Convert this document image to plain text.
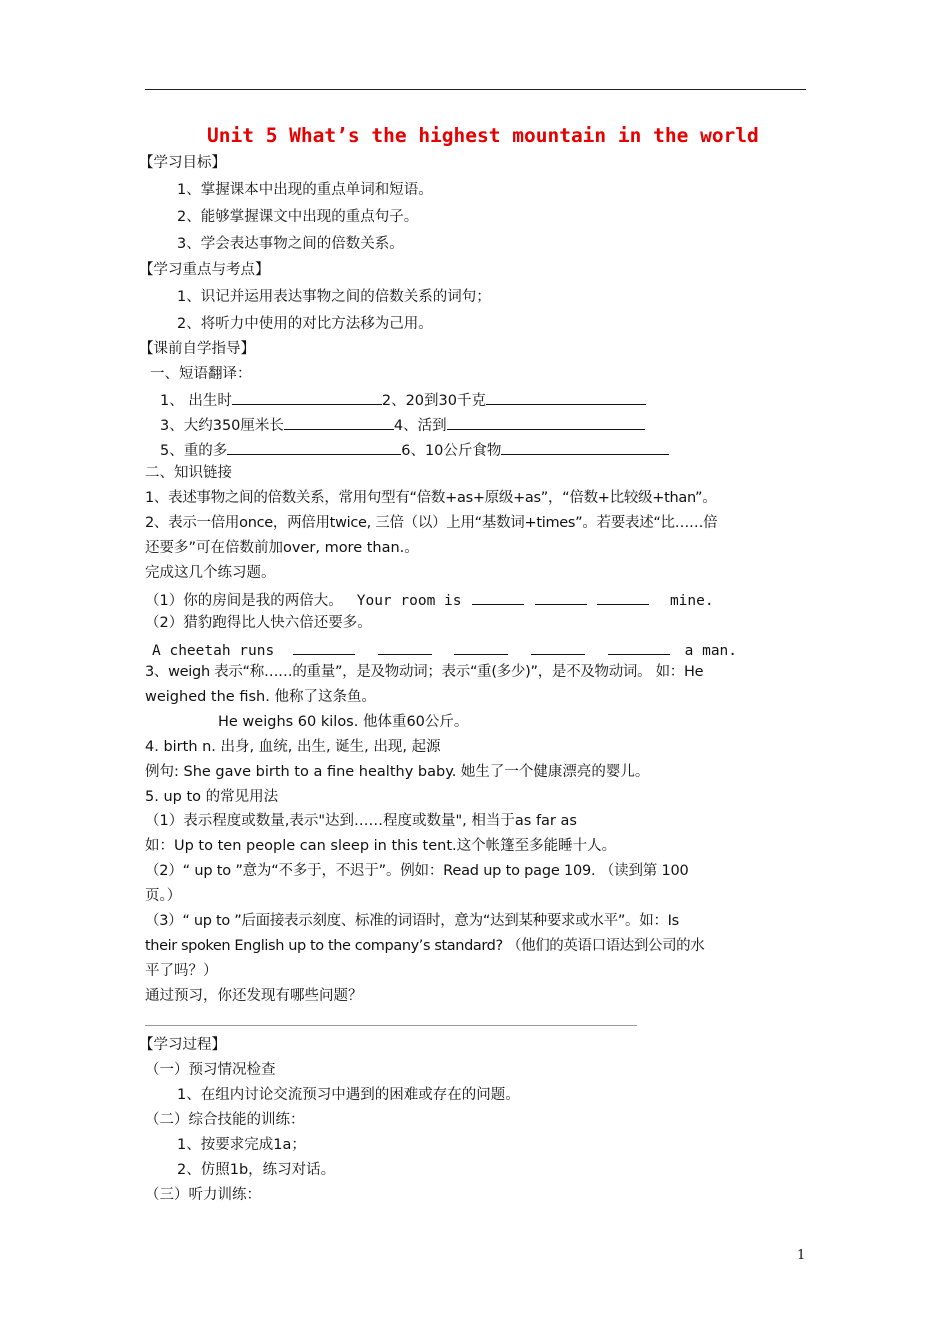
Unit 5 What’s the highest mountain in the world
【学习目标】
1、掌握课本中出现的重点单词和短语。
2、能够掌握课文中出现的重点句子。
3、学会表达事物之间的倍数关系。
【学习重点与考点】
1、识记并运用表达事物之间的倍数关系的词句；
2、将听力中使用的对比方法移为己用。
【课前自学指导】
一、短语翻译：
1、 出生时	2、20到30千克
3、大约350厘米长	4、活到
5、重的多	6、10公斤食物
二、知识链接
1、表述事物之间的倍数关系，常用句型有“倍数+as+原级+as”，“倍数+比较级+than”。
2、表示一倍用once，两倍用twice, 三倍（以）上用“基数词+times”。若要表述“比……倍
还要多”可在倍数前加over, more than.。
完成这几个练习题。
（1）你的房间是我的两倍大。 Your room is	mine.
（2）猎豹跑得比人快六倍还要多。
A cheetah runs	a man.
3、weigh 表示“称……的重量”，是及物动词；表示“重(多少)”，是不及物动词。 如：He
weighed the fish. 他称了这条鱼。
He weighs 60 kilos. 他体重60公斤。
4. birth n. 出身, 血统, 出生, 诞生, 出现, 起源
例句: She gave birth to a fine healthy baby. 她生了一个健康漂亮的婴儿。
5. up to 的常见用法
（1）表示程度或数量,表示"达到……程度或数量", 相当于as far as
如：Up to ten people can sleep in this tent.这个帐篷至多能睡十人。
（2）“ up to ”意为“不多于，不迟于”。例如：Read up to page 109. （读到第 100
页。）
（3）“ up to ”后面接表示刻度、标准的词语时，意为“达到某种要求或水平”。如：Is
their spoken English up to the company’s standard? （他们的英语口语达到公司的水
平了吗？）
通过预习，你还发现有哪些问题？
【学习过程】
（一）预习情况检查
1、在组内讨论交流预习中遇到的困难或存在的问题。
（二）综合技能的训练：
1、按要求完成1a；
2、仿照1b，练习对话。
（三）听力训练：
1
